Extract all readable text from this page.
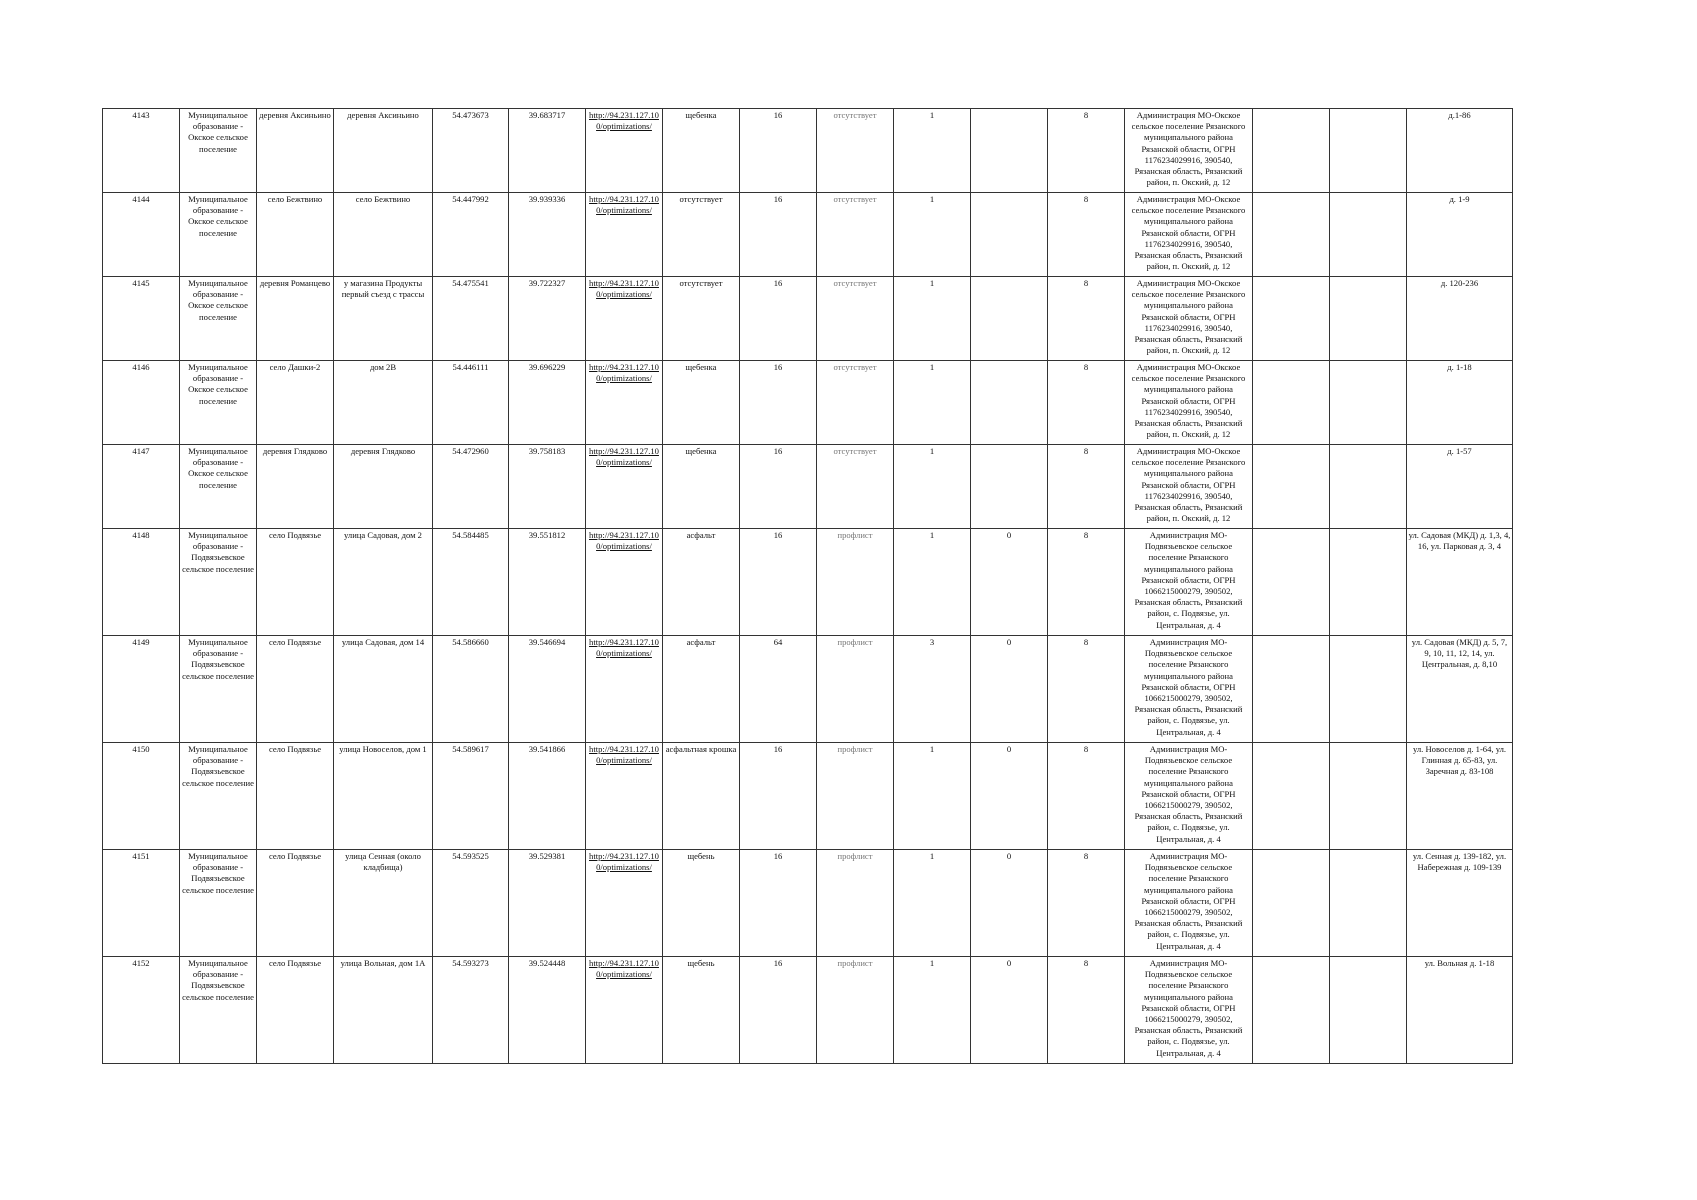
4143	Муниципальное образование - Окское сельское поселение	деревня Аксиньино	деревня Аксиньино	54.473673	39.683717	http://94.231.127.10 0/optimizations/	щебенка	16	отсутствует	1		8	Администрация МО-Окское сельское поселение Рязанского муниципального района Рязанской области, ОГРН 1176234029916, 390540, Рязанская область, Рязанский район, п. Окский, д. 12			д.1-86
4144	Муниципальное образование - Окское сельское поселение	село Бежтвино	село Бежтвино	54.447992	39.939336	http://94.231.127.10 0/optimizations/	отсутствует	16	отсутствует	1		8	Администрация МО-Окское сельское поселение Рязанского муниципального района Рязанской области, ОГРН 1176234029916, 390540, Рязанская область, Рязанский район, п. Окский, д. 12			д. 1-9
4145	Муниципальное образование - Окское сельское поселение	деревня Романцево	у магазина Продукты первый съезд с трассы	54.475541	39.722327	http://94.231.127.10 0/optimizations/	отсутствует	16	отсутствует	1		8	Администрация МО-Окское сельское поселение Рязанского муниципального района Рязанской области, ОГРН 1176234029916, 390540, Рязанская область, Рязанский район, п. Окский, д. 12			д. 120-236
4146	Муниципальное образование - Окское сельское поселение	село Дашки-2	дом 2В	54.446111	39.696229	http://94.231.127.10 0/optimizations/	щебенка	16	отсутствует	1		8	Администрация МО-Окское сельское поселение Рязанского муниципального района Рязанской области, ОГРН 1176234029916, 390540, Рязанская область, Рязанский район, п. Окский, д. 12			д. 1-18
4147	Муниципальное образование - Окское сельское поселение	деревня Глядково	деревня Глядково	54.472960	39.758183	http://94.231.127.10 0/optimizations/	щебенка	16	отсутствует	1		8	Администрация МО-Окское сельское поселение Рязанского муниципального района Рязанской области, ОГРН 1176234029916, 390540, Рязанская область, Рязанский район, п. Окский, д. 12			д. 1-57
4148	Муниципальное образование - Подвязьевское сельское поселение	село Подвязье	улица Садовая, дом 2	54.584485	39.551812	http://94.231.127.10 0/optimizations/	асфальт	16	профлист	1	0	8	Администрация МО-Подвязьевское сельское поселение Рязанского муниципального района Рязанской области, ОГРН 1066215000279, 390502, Рязанская область, Рязанский район, с. Подвязье, ул. Центральная, д. 4			ул. Садовая (МКД) д. 1,3, 4, 16, ул. Парковая д. 3, 4
4149	Муниципальное образование - Подвязьевское сельское поселение	село Подвязье	улица Садовая, дом 14	54.586660	39.546694	http://94.231.127.10 0/optimizations/	асфальт	64	профлист	3	0	8	Администрация МО-Подвязьевское сельское поселение Рязанского муниципального района Рязанской области, ОГРН 1066215000279, 390502, Рязанская область, Рязанский район, с. Подвязье, ул. Центральная, д. 4			ул. Садовая (МКД) д. 5, 7, 9, 10, 11, 12, 14, ул. Центральная, д. 8,10
4150	Муниципальное образование - Подвязьевское сельское поселение	село Подвязье	улица Новоселов, дом 1	54.589617	39.541866	http://94.231.127.10 0/optimizations/	асфальтная крошка	16	профлист	1	0	8	Администрация МО-Подвязьевское сельское поселение Рязанского муниципального района Рязанской области, ОГРН 1066215000279, 390502, Рязанская область, Рязанский район, с. Подвязье, ул. Центральная, д. 4			ул. Новоселов д. 1-64, ул. Глинная д. 65-83, ул. Заречная д. 83-108
4151	Муниципальное образование - Подвязьевское сельское поселение	село Подвязье	улица Сенная (около кладбища)	54.593525	39.529381	http://94.231.127.10 0/optimizations/	щебень	16	профлист	1	0	8	Администрация МО-Подвязьевское сельское поселение Рязанского муниципального района Рязанской области, ОГРН 1066215000279, 390502, Рязанская область, Рязанский район, с. Подвязье, ул. Центральная, д. 4			ул. Сенная д. 139-182, ул. Набережная д. 109-139
4152	Муниципальное образование - Подвязьевское сельское поселение	село Подвязье	улица Вольная, дом 1А	54.593273	39.524448	http://94.231.127.10 0/optimizations/	щебень	16	профлист	1	0	8	Администрация МО-Подвязьевское сельское поселение Рязанского муниципального района Рязанской области, ОГРН 1066215000279, 390502, Рязанская область, Рязанский район, с. Подвязье, ул. Центральная, д. 4			ул. Вольная д. 1-18
